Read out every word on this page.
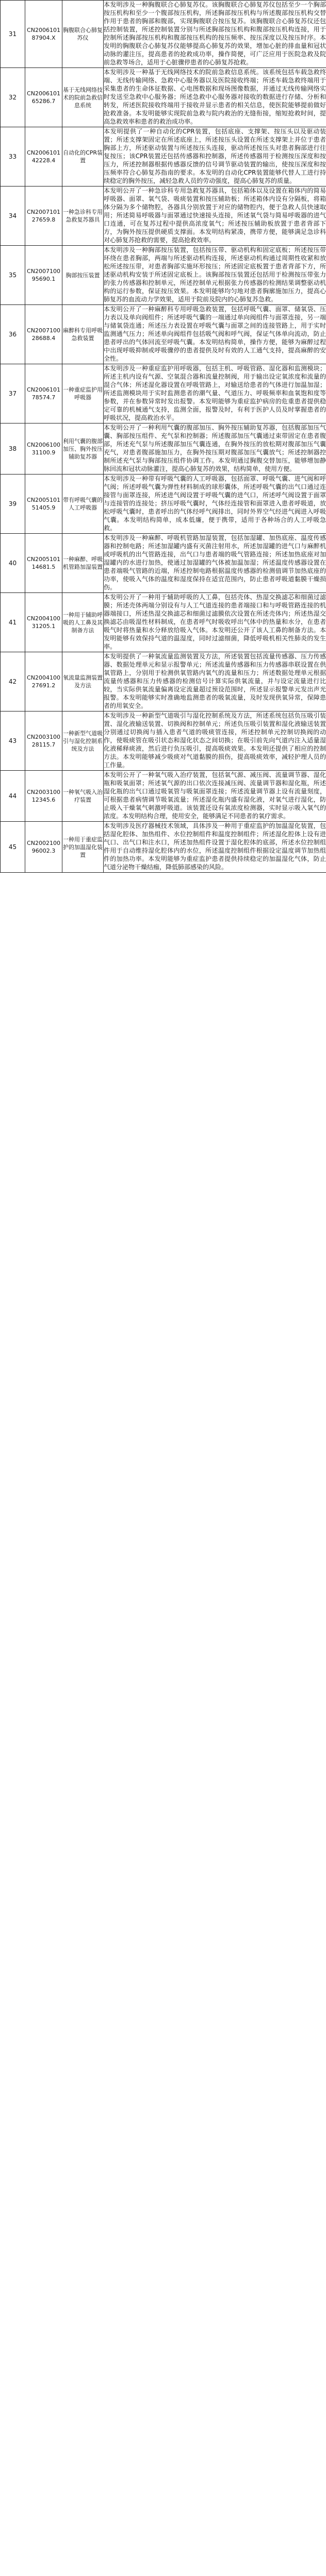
31	CN200610187904.X	胸腹联合心肺复苏仪	本发明涉及一种胸腹联合心肺复苏仪。该胸腹联合心肺复苏仪包括至少一个胸部按压机构和至少一个腹部按压机构，所述胸部按压机构与所述腹部按压机构交替作用于患者的胸部和腹部，实现胸腹联合按压复苏。该胸腹联合心肺复苏仪还包括控制装置，所述控制装置分别与所述胸部按压机构和腹部按压机构连接，用于控制所述胸部按压机构和腹部按压机构的按压频率、按压深度以及按压时序。本发明的胸腹联合心肺复苏仪能够提高心肺复苏的效果，增加心脏的排血量和冠状动脉的灌注压，提高患者的抢救成功率，操作简便，可广泛应用于医院急救及院前急救等场合，适用于心脏骤停患者的心肺复苏抢救。

32	CN200610165286.7	基于无线网络技术的院前急救信息系统	本发明涉及一种基于无线网络技术的院前急救信息系统。该系统包括车载急救终端、无线传输网络、急救中心服务器以及医院接收终端；所述车载急救终端用于采集患者的生命体征数据、心电图数据和现场图像数据，并通过无线传输网络实时发送至急救中心服务器；所述急救中心服务器对接收的数据进行存储、分析和转发，所述医院接收终端用于接收并显示患者的相关信息，使医院能够提前做好抢救准备。本发明能够实现院前急救与院内救治的无缝衔接，缩短抢救时间，提高急救效率和患者的救治成功率。

33	CN200610142228.4	自动化的CPR装置	本发明提供了一种自动化的CPR装置，包括底座、支撑架、按压头以及驱动装置；所述支撑架固定在所述底座上，所述按压头设置在所述支撑架上并位于患者胸部上方，所述驱动装置与所述按压头连接，驱动所述按压头对患者胸部进行往复按压；该CPR装置还包括传感器和控制器，所述传感器用于检测按压深度和按压力，所述控制器根据传感器反馈的信号调节驱动装置的输出，使按压深度和按压频率符合心肺复苏指南的要求。本发明的自动化CPR装置能够代替人工进行持续稳定的胸外按压，减轻急救人员的劳动强度，提高心肺复苏的质量。

34	CN200710127659.8	一种急诊科专用急救复苏器具	本发明公开了一种急诊科专用急救复苏器具，包括箱体以及设置在箱体内的简易呼吸器、面罩、氧气袋、吸痰装置和按压辅助板；所述箱体内设有分隔板，将箱体分隔为多个储物腔，各器具分别放置于对应的储物腔内，便于急救人员快速取用；所述简易呼吸器与面罩通过快速接头连接，所述氧气袋与简易呼吸器的进气口连通，可在复苏过程中提供高浓度氧气；所述按压辅助板放置于患者背部下方，为胸外按压提供硬质支撑面。本发明结构紧凑，携带方便，能够满足急诊科对心肺复苏抢救的需要，提高抢救效率。

35	CN200710095690.1	胸部按压装置	本发明涉及一种胸部按压装置，包括按压带、驱动机构和固定底板；所述按压带环绕在患者胸部，两端与所述驱动机构连接，所述驱动机构通过周期性收紧和放松所述按压带，对患者胸部实施环形按压；所述固定底板置于患者背部下方，所述驱动机构安装于所述固定底板上。该胸部按压装置还包括用于检测按压带张力的张力传感器和控制单元，所述控制单元根据张力传感器的检测结果调整驱动机构的运行参数，保证按压效果。本发明能够均匀地对患者胸廓施加压力，提高心肺复苏的血流动力学效果，适用于院前及院内的心肺复苏急救。

36	CN200710028688.4	麻醉科专用呼吸急救装置	本发明公开了一种麻醉科专用呼吸急救装置，包括呼吸气囊、面罩、储氧袋、压力表以及单向阀组件；所述呼吸气囊的一端通过单向阀组件与面罩连接，另一端与储氧袋连通；所述压力表设置在呼吸气囊与面罩之间的连接管路上，用于实时监测通气压力；所述单向阀组件包括吸气阀和呼气阀，保证气体单向流动，防止患者呼出的气体回流至呼吸气囊。本发明结构简单，操作方便，能够为麻醉过程中出现呼吸抑制或呼吸骤停的患者提供及时有效的人工通气支持，提高麻醉的安全性。

37	CN200610178574.7	一种重症监护用呼吸器	本发明涉及一种重症监护用呼吸器，包括主机、呼吸管路、湿化器和监测模块；所述主机内设有气源、空氧混合器和流量控制阀，用于输出设定氧浓度和流量的混合气体；所述湿化器设置在呼吸管路上，对输送给患者的气体进行加温加湿；所述监测模块用于实时监测患者的潮气量、气道压力、呼吸频率和血氧饱和度等参数，并在参数异常时发出报警。本发明能够为重症监护病房的危重患者提供稳定可靠的机械通气支持，监测全面，报警及时，有利于医护人员及时掌握患者的呼吸状况，提高救治水平。

38	CN200610031100.9	利用气囊的腹部加压、胸外按压辅助复苏器	本发明公开了一种利用气囊的腹部加压、胸外按压辅助复苏器，包括腹部加压气囊、胸部按压组件、充气泵和控制器；所述腹部加压气囊通过束带固定在患者腹部，所述充气泵与所述腹部加压气囊连通，在胸外按压的放松期对腹部加压气囊充气，对患者腹部施加压力，在胸外按压期对腹部加压气囊放气；所述控制器控制所述充气泵与胸部按压组件协调工作。本发明通过胸腹交替加压，能够增加静脉回流和冠状动脉灌注，提高心肺复苏的效果，结构简单，使用方便。

39	CN200510151405.9	带有呼吸气囊的人工呼吸器	本发明涉及一种带有呼吸气囊的人工呼吸器，包括面罩、呼吸气囊、进气阀和呼气阀；所述呼吸气囊为弹性材料制成的球形囊体，所述呼吸气囊的出气口通过连接管与面罩连接，所述进气阀设置于呼吸气囊的进气口，所述呼气阀设置于面罩与连接管的连接处；挤压呼吸气囊时，气体经连接管和面罩进入患者呼吸道，放松呼吸气囊时，患者呼出的气体经呼气阀排出，同时外界空气经进气阀进入呼吸气囊。本发明结构简单，成本低廉，便于携带，适用于各种场合的人工呼吸急救。

40	CN200510114681.5	一种麻醉、呼吸机管路加湿装置	本发明涉及一种麻醉、呼吸机管路加湿装置，包括加湿罐、加热底座、温度传感器和控制电路；所述加湿罐内盛有灭菌注射用水，所述加湿罐的进气口与麻醉机或呼吸机的出气管路连接，出气口与患者端的吸气管路连接；所述加热底座对加湿罐内的水进行加热，使通过加湿罐的气体被加温加湿；所述温度传感器设置在患者端吸气管路的近端，所述控制电路根据温度传感器的检测值调节加热底座的功率，使吸入气体的温度和湿度保持在适宜范围内，防止患者呼吸道黏膜干燥损伤。

41	CN200410031205.1	一种用于辅助呼吸的人工鼻及其制备方法	本发明公开了一种用于辅助呼吸的人工鼻，包括壳体、热湿交换滤芯和细菌过滤膜；所述壳体两端分别设有与人工气道连接的患者端接口和与呼吸管路连接的机器端接口，所述热湿交换滤芯和细菌过滤膜依次设置在所述壳体内；所述热湿交换滤芯由吸湿性材料制成，在患者呼气时吸收呼出气体中的热量和水分，在患者吸气时将热量和水分释放给吸入气体。本发明还公开了该人工鼻的制备方法。本发明能够有效保持气道的温湿度，同时过滤细菌，降低呼吸机相关性肺炎的发生率。

42	CN200410027691.2	氧流量监测装置及方法	本发明提供了一种氧流量监测装置及方法，所述装置包括流量传感器、压力传感器、数据处理单元和显示报警单元；所述流量传感器和压力传感器串联设置在供氧管路上，分别用于检测供氧管路内氧气的流量和压力；所述数据处理单元根据流量传感器和压力传感器的检测信号计算实际供氧流量，并与设定流量进行比较，当实际供氧流量偏离设定流量超过预设范围时，所述显示报警单元发出声光报警。本发明能够实时准确地监测患者的吸氧流量，及时发现供氧异常，保障患者的用氧安全。

43	CN200310028115.7	一种新型气道吸引与湿化控制系统及方法	本发明涉及一种新型气道吸引与湿化控制系统及方法，所述系统包括负压吸引装置、湿化液输送装置、切换阀和控制单元；所述负压吸引装置和湿化液输送装置分别通过切换阀与插入患者气道的吸痰管连接，所述控制单元控制切换阀的动作，使吸痰管在吸引状态和湿化状态之间切换；在吸引前先向气道内注入适量湿化液稀释痰液，然后进行负压吸引，提高吸痰效果。本发明还提供了相应的控制方法。本发明能够减少吸痰对气道黏膜的损伤，提高吸痰效率，减轻护理人员的工作量。

44	CN200310012345.6	一种氧气吸入治疗装置	本发明公开了一种氧气吸入治疗装置，包括氧气源、减压阀、流量调节器、湿化瓶和吸氧面罩；所述氧气源的出口依次连接减压阀、流量调节器和湿化瓶，所述湿化瓶的出气口通过吸氧管与吸氧面罩连接；所述流量调节器上设有流量刻度，可根据患者病情调节吸氧流量；所述湿化瓶内盛有湿化液，对氧气进行湿化，防止吸入干燥氧气刺激呼吸道。该装置还设有氧浓度检测器，实时显示吸入氧气的浓度。本发明结构合理，使用安全，能够满足不同患者的氧疗需求。

45	CN200210096002.3	一种用于重症监护的加温湿化装置	本发明涉及医疗器械技术领域，具体涉及一种用于重症监护的加温湿化装置，包括湿化腔体、加热组件、水位控制组件和温度控制组件；所述湿化腔体上设有进气口、出气口和注水口，所述加热组件设置于湿化腔体的底部，所述水位控制组件用于自动维持湿化腔体内的水位，所述温度控制组件根据设定温度调节加热组件的加热功率。本发明能够为重症监护患者提供持续稳定的加温湿化气体，防止气道分泌物干燥结痂，降低肺部感染的风险。
